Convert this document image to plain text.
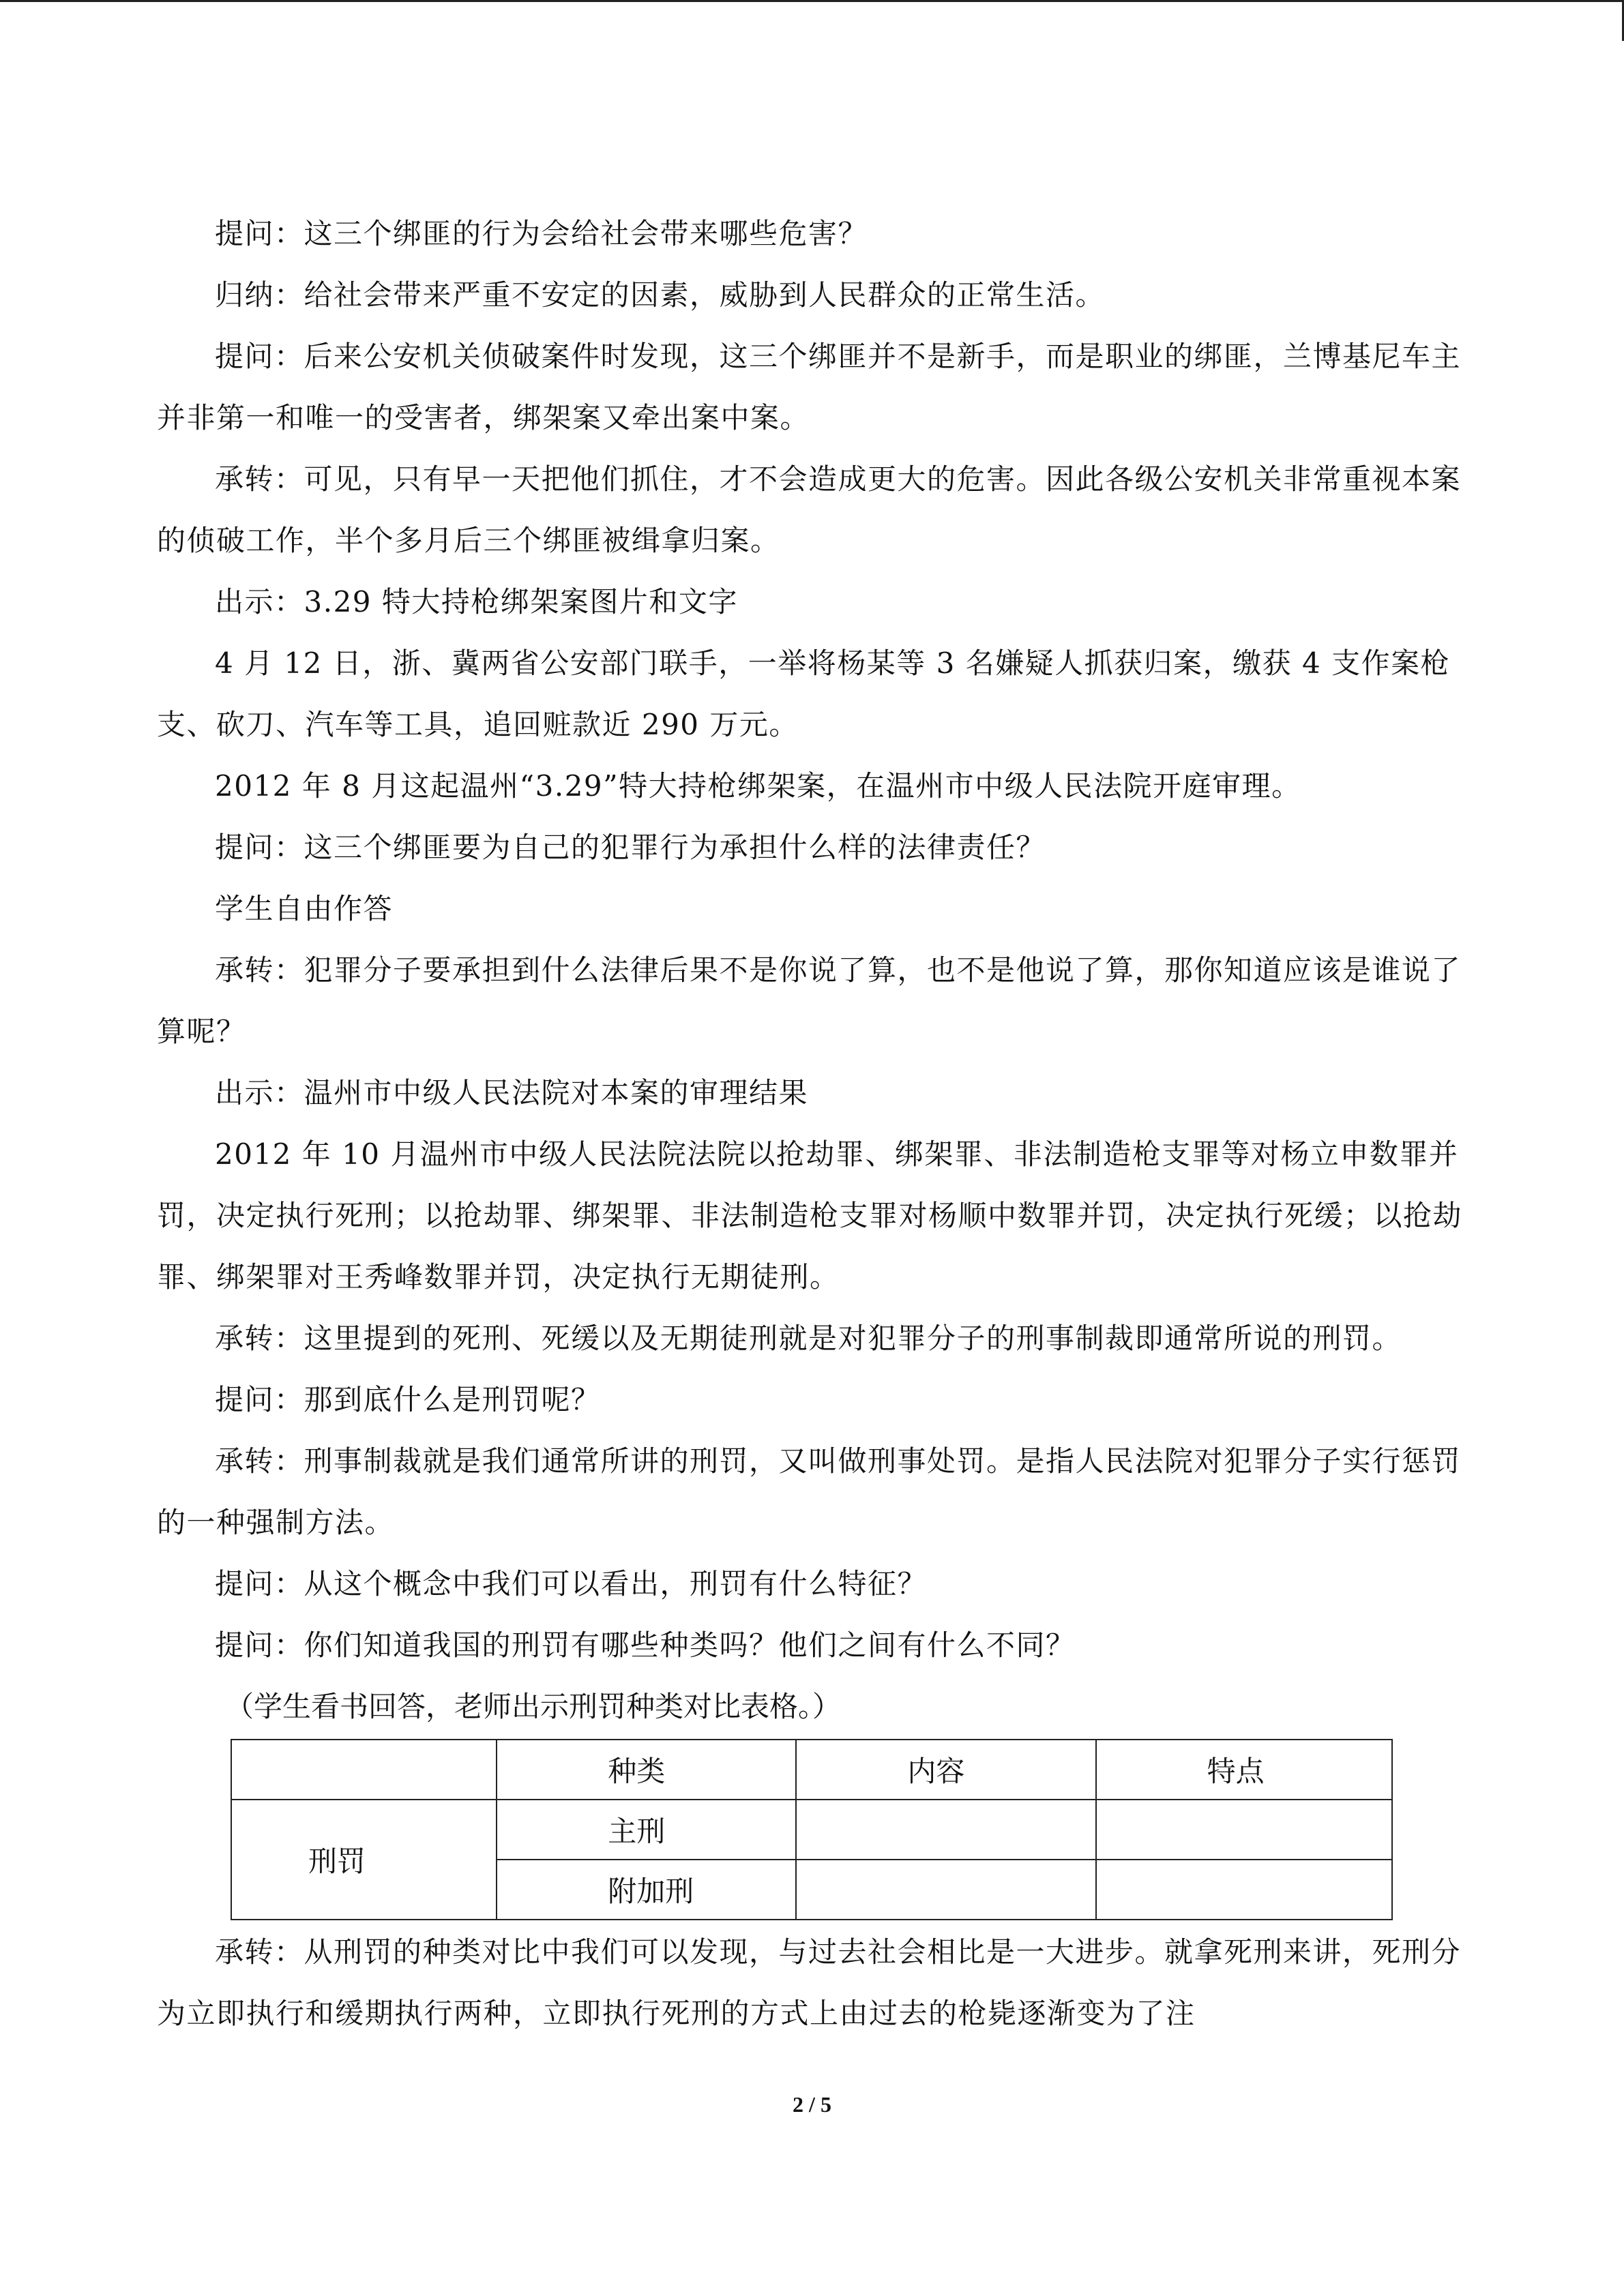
提问：这三个绑匪的行为会给社会带来哪些危害？

归纳：给社会带来严重不安定的因素，威胁到人民群众的正常生活。

提问：后来公安机关侦破案件时发现，这三个绑匪并不是新手，而是职业的绑匪，兰博基尼车主并非第一和唯一的受害者，绑架案又牵出案中案。

承转：可见，只有早一天把他们抓住，才不会造成更大的危害。因此各级公安机关非常重视本案的侦破工作，半个多月后三个绑匪被缉拿归案。

出示：3.29 特大持枪绑架案图片和文字

4 月 12 日，浙、冀两省公安部门联手，一举将杨某等 3 名嫌疑人抓获归案，缴获 4 支作案枪支、砍刀、汽车等工具，追回赃款近 290 万元。

2012 年 8 月这起温州“3.29”特大持枪绑架案，在温州市中级人民法院开庭审理。

提问：这三个绑匪要为自己的犯罪行为承担什么样的法律责任？

学生自由作答

承转：犯罪分子要承担到什么法律后果不是你说了算，也不是他说了算，那你知道应该是谁说了算呢？

出示：温州市中级人民法院对本案的审理结果

2012 年 10 月温州市中级人民法院法院以抢劫罪、绑架罪、非法制造枪支罪等对杨立申数罪并罚，决定执行死刑；以抢劫罪、绑架罪、非法制造枪支罪对杨顺中数罪并罚，决定执行死缓；以抢劫罪、绑架罪对王秀峰数罪并罚，决定执行无期徒刑。

承转：这里提到的死刑、死缓以及无期徒刑就是对犯罪分子的刑事制裁即通常所说的刑罚。

提问：那到底什么是刑罚呢？

承转：刑事制裁就是我们通常所讲的刑罚，又叫做刑事处罚。是指人民法院对犯罪分子实行惩罚的一种强制方法。

提问：从这个概念中我们可以看出，刑罚有什么特征？

提问：你们知道我国的刑罚有哪些种类吗？他们之间有什么不同？

（学生看书回答，老师出示刑罚种类对比表格。）

	种类	内容	特点
刑罚	主刑		
	附加刑		

承转：从刑罚的种类对比中我们可以发现，与过去社会相比是一大进步。就拿死刑来讲，死刑分为立即执行和缓期执行两种，立即执行死刑的方式上由过去的枪毙逐渐变为了注

2 / 5
